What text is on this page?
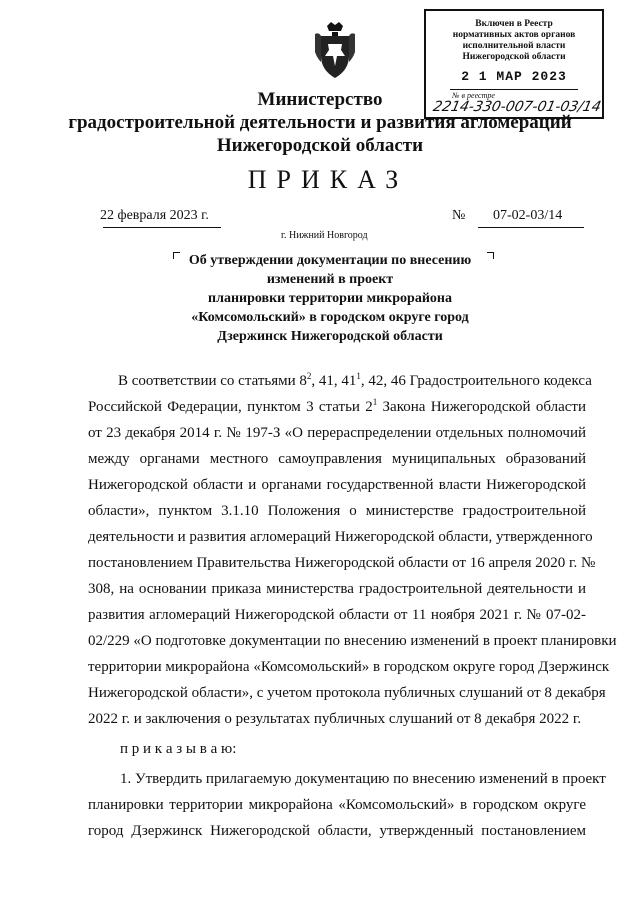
Включен в Реестр
нормативных актов органов
исполнительной власти
Нижегородской области
2 1 МАР 2023
№ в реестре
2214-330-007-01-03/14
Министерство
градостроительной деятельности и развития агломераций
Нижегородской области
ПРИКАЗ
22 февраля 2023 г.	№ 07-02-03/14
г. Нижний Новгород
Об утверждении документации по внесению
изменений в проект
планировки территории микрорайона
«Комсомольский» в городском округе город
Дзержинск Нижегородской области
В соответствии со статьями $8^2$, 41, $41^1$, 42, 46 Градостроительного кодекса
Российской Федерации, пунктом 3 статьи $2^1$ Закона Нижегородской области
от 23 декабря 2014 г. № 197-З «О перераспределении отдельных полномочий
между органами местного самоуправления муниципальных образований
Нижегородской области и органами государственной власти Нижегородской
области», пунктом 3.1.10 Положения о министерстве градостроительной
деятельности и развития агломераций Нижегородской области, утвержденного
постановлением Правительства Нижегородской области от 16 апреля 2020 г. №
308, на основании приказа министерства градостроительной деятельности и
развития агломераций Нижегородской области от 11 ноября 2021 г. № 07-02-
02/229 «О подготовке документации по внесению изменений в проект планировки
территории микрорайона «Комсомольский» в городском округе город Дзержинск
Нижегородской области», с учетом протокола публичных слушаний от 8 декабря
2022 г. и заключения о результатах публичных слушаний от 8 декабря 2022 г.
п р и к а з ы в а ю:
1. Утвердить прилагаемую документацию по внесению изменений в проект
планировки территории микрорайона «Комсомольский» в городском округе
город Дзержинск Нижегородской области, утвержденный постановлением
